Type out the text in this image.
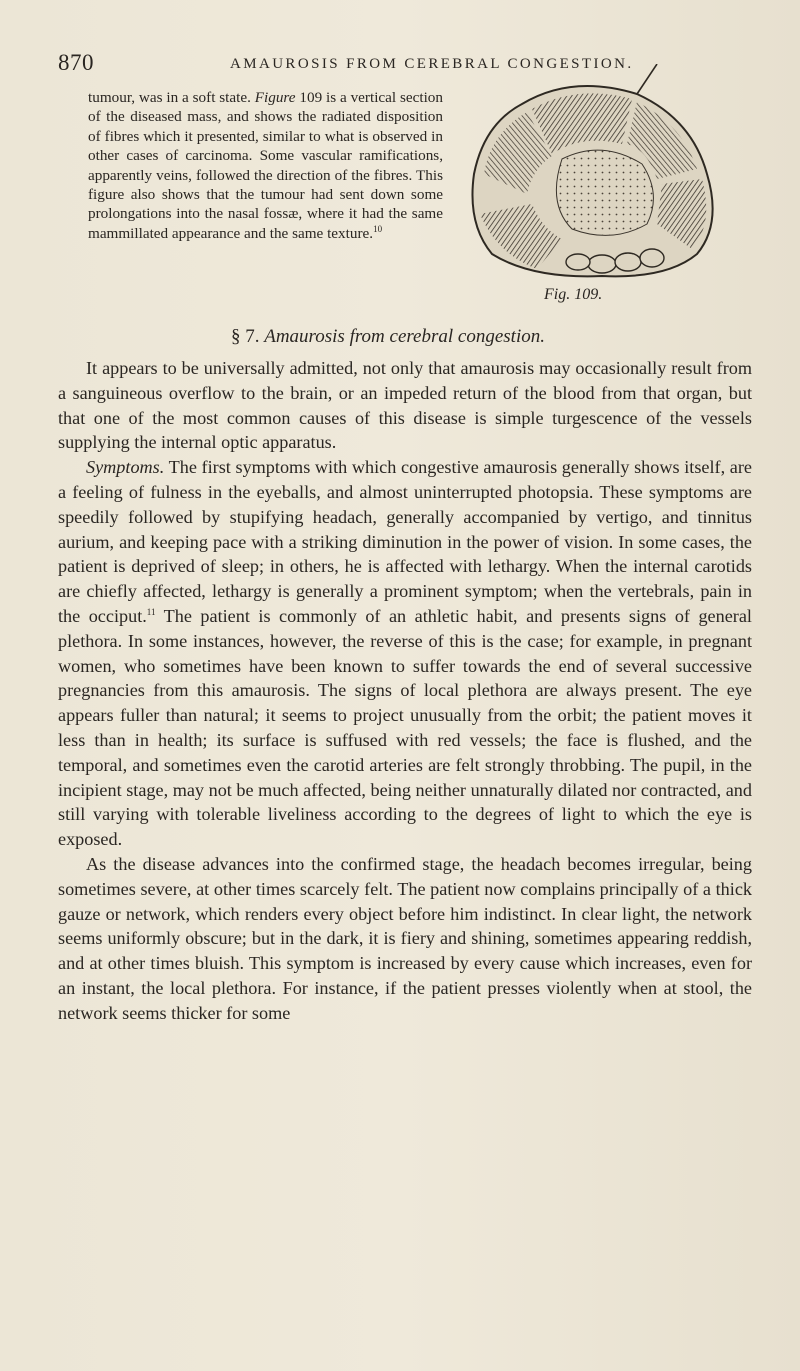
870	AMAUROSIS FROM CEREBRAL CONGESTION.

tumour, was in a soft state. Figure 109 is a vertical section of the diseased mass, and shows the radiated disposition of fibres which it presented, similar to what is observed in other cases of carcinoma. Some vascular ramifications, apparently veins, followed the direction of the fibres. This figure also shows that the tumour had sent down some prolongations into the nasal fossæ, where it had the same mammillated appearance and the same texture.$^{10}$

Fig. 109.
§ 7. Amaurosis from cerebral congestion.

It appears to be universally admitted, not only that amaurosis may occasionally result from a sanguineous overflow to the brain, or an impeded return of the blood from that organ, but that one of the most common causes of this disease is simple turgescence of the vessels supplying the internal optic apparatus.

Symptoms. The first symptoms with which congestive amaurosis generally shows itself, are a feeling of fulness in the eyeballs, and almost uninterrupted photopsia. These symptoms are speedily followed by stupifying headach, generally accompanied by vertigo, and tinnitus aurium, and keeping pace with a striking diminution in the power of vision. In some cases, the patient is deprived of sleep; in others, he is affected with lethargy. When the internal carotids are chiefly affected, lethargy is generally a prominent symptom; when the vertebrals, pain in the occiput.$^{11}$ The patient is commonly of an athletic habit, and presents signs of general plethora. In some instances, however, the reverse of this is the case; for example, in pregnant women, who sometimes have been known to suffer towards the end of several successive pregnancies from this amaurosis. The signs of local plethora are always present. The eye appears fuller than natural; it seems to project unusually from the orbit; the patient moves it less than in health; its surface is suffused with red vessels; the face is flushed, and the temporal, and sometimes even the carotid arteries are felt strongly throbbing. The pupil, in the incipient stage, may not be much affected, being neither unnaturally dilated nor contracted, and still varying with tolerable liveliness according to the degrees of light to which the eye is exposed.

As the disease advances into the confirmed stage, the headach becomes irregular, being sometimes severe, at other times scarcely felt. The patient now complains principally of a thick gauze or network, which renders every object before him indistinct. In clear light, the network seems uniformly obscure; but in the dark, it is fiery and shining, sometimes appearing reddish, and at other times bluish. This symptom is increased by every cause which increases, even for an instant, the local plethora. For instance, if the patient presses violently when at stool, the network seems thicker for some
